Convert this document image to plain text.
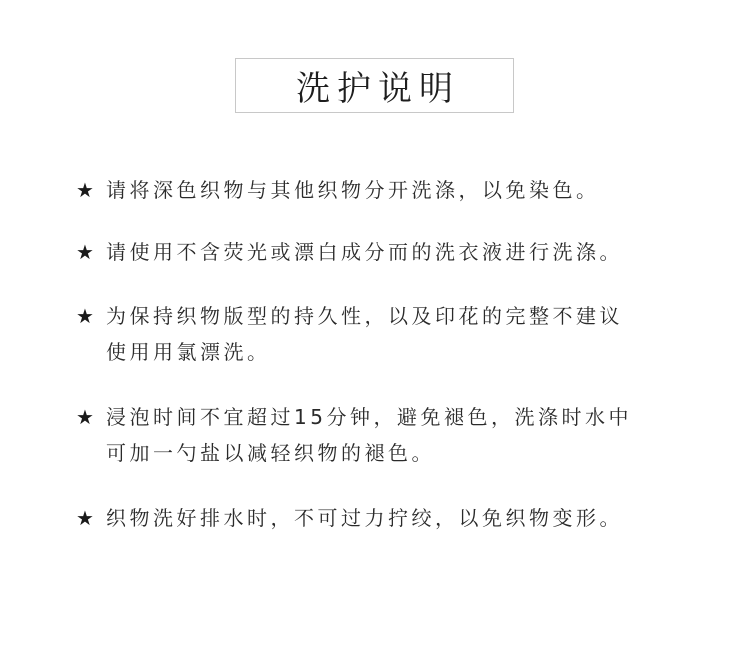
洗护说明
★ 请将深色织物与其他织物分开洗涤，以免染色。
★ 请使用不含荧光或漂白成分而的洗衣液进行洗涤。
★ 为保持织物版型的持久性，以及印花的完整不建议
使用用氯漂洗。
★ 浸泡时间不宜超过15分钟，避免褪色，洗涤时水中
可加一勺盐以减轻织物的褪色。
★ 织物洗好排水时，不可过力拧绞，以免织物变形。
